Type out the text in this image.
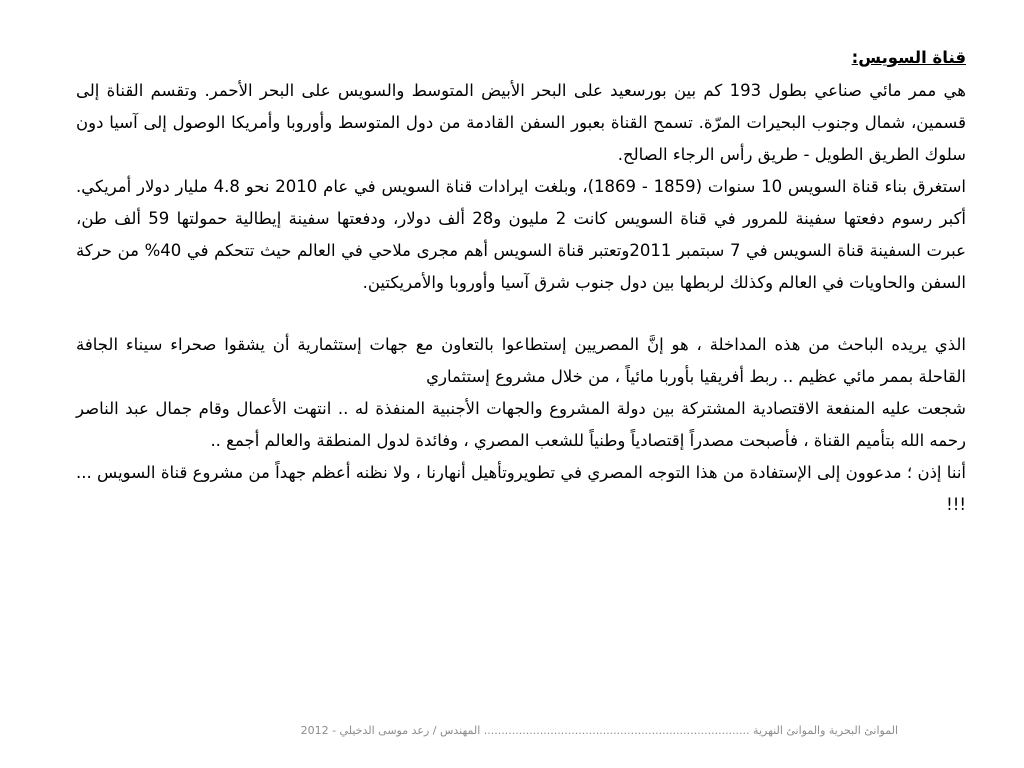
قناة السويس:

هي ممر مائي صناعي بطول 193 كم بين بورسعيد على البحر الأبيض المتوسط والسويس على البحر الأحمر. وتقسم القناة إلى قسمين، شمال وجنوب البحيرات المرّة. تسمح القناة بعبور السفن القادمة من دول المتوسط وأوروبا وأمريكا الوصول إلى آسيا دون سلوك الطريق الطويل - طريق رأس الرجاء الصالح.

استغرق بناء قناة السويس 10 سنوات (1859 - 1869)، وبلغت ايرادات قناة السويس في عام 2010 نحو 4.8 مليار دولار أمريكي. أكبر رسوم دفعتها سفينة للمرور في قناة السويس كانت 2 مليون و28 ألف دولار، ودفعتها سفينة إيطالية حمولتها 59 ألف طن، عبرت السفينة قناة السويس في 7 سبتمبر 2011وتعتبر قناة السويس أهم مجرى ملاحي في العالم حيث تتحكم في 40% من حركة السفن والحاويات في العالم وكذلك لربطها بين دول جنوب شرق آسيا وأوروبا والأمريكتين.

الذي يريده الباحث من هذه المداخلة ، هو إنَّ المصريين إستطاعوا بالتعاون مع جهات إستثمارية أن يشقوا صحراء سيناء الجافة القاحلة بممر مائي عظيم .. ربط أفريقيا بأوربا مائياً ، من خلال مشروع إستثماري

شجعت عليه المنفعة الاقتصادية المشتركة بين دولة المشروع والجهات الأجنبية المنفذة له .. انتهت الأعمال وقام جمال عبد الناصر رحمه الله بتأميم القناة ، فأصبحت مصدراً إقتصادياً وطنياً للشعب المصري ، وفائدة لدول المنطقة والعالم أجمع ..

أننا إذن ؛ مدعوون إلى الإستفادة من هذا التوجه المصري في تطويروتأهيل أنهارنا ، ولا نظنه أعظم جهداً من مشروع قناة السويس ... !!!

الموانئ البحرية والموانئ النهرية ............................................................................ المهندس / رعد موسى الدخيلي - 2012
